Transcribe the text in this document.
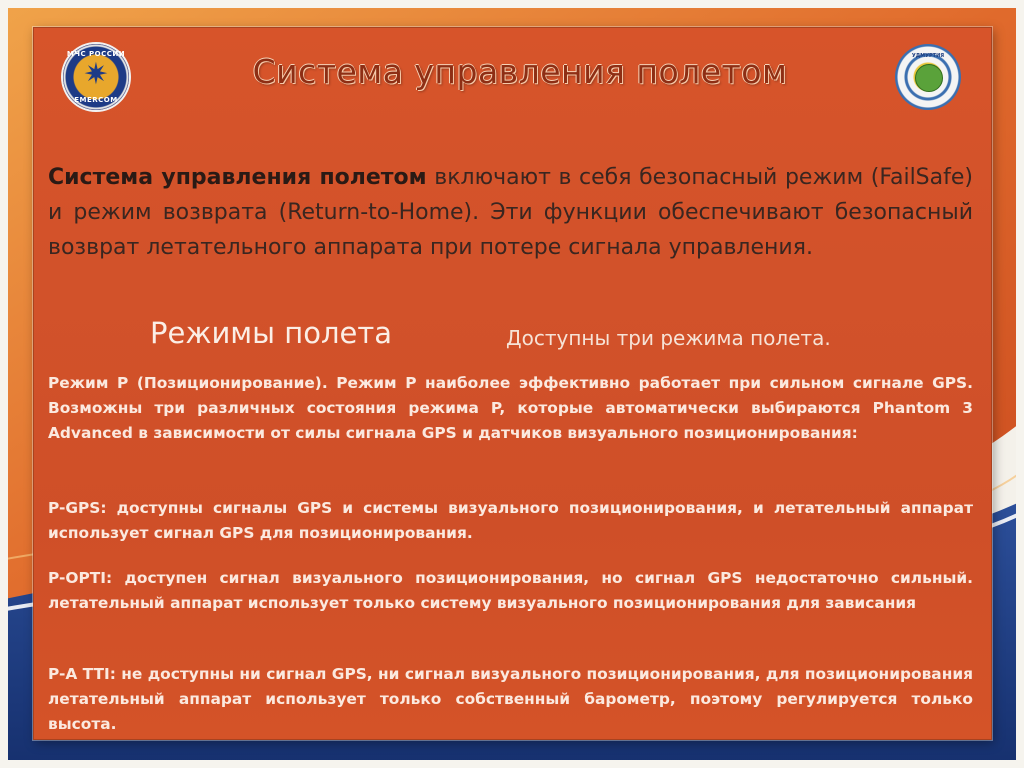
МЧС РОССИИ
✷
EMERCOM
УДМУРТИЯ
Система управления полетом
Система управления полетом включают в себя безопасный режим (FailSafe) и режим возврата (Return-to-Home). Эти функции обеспечивают безопасный возврат летательного аппарата при потере сигнала управления.
Режимы полета	Доступны три режима полета.
Режим P (Позиционирование). Режим P наиболее эффективно работает при сильном сигнале GPS. Возможны три различных состояния режима P, которые автоматически выбираются Phantom 3 Advanced в зависимости от силы сигнала GPS и датчиков визуального позиционирования:
P-GPS: доступны сигналы GPS и системы визуального позиционирования, и летательный аппарат использует сигнал GPS для позиционирования.
P-OPTI: доступен сигнал визуального позиционирования, но сигнал GPS недостаточно сильный. летательный аппарат использует только систему визуального позиционирования для зависания
P-A TTI: не доступны ни сигнал GPS, ни сигнал визуального позиционирования, для позиционирования летательный аппарат использует только собственный барометр, поэтому регулируется только высота.
